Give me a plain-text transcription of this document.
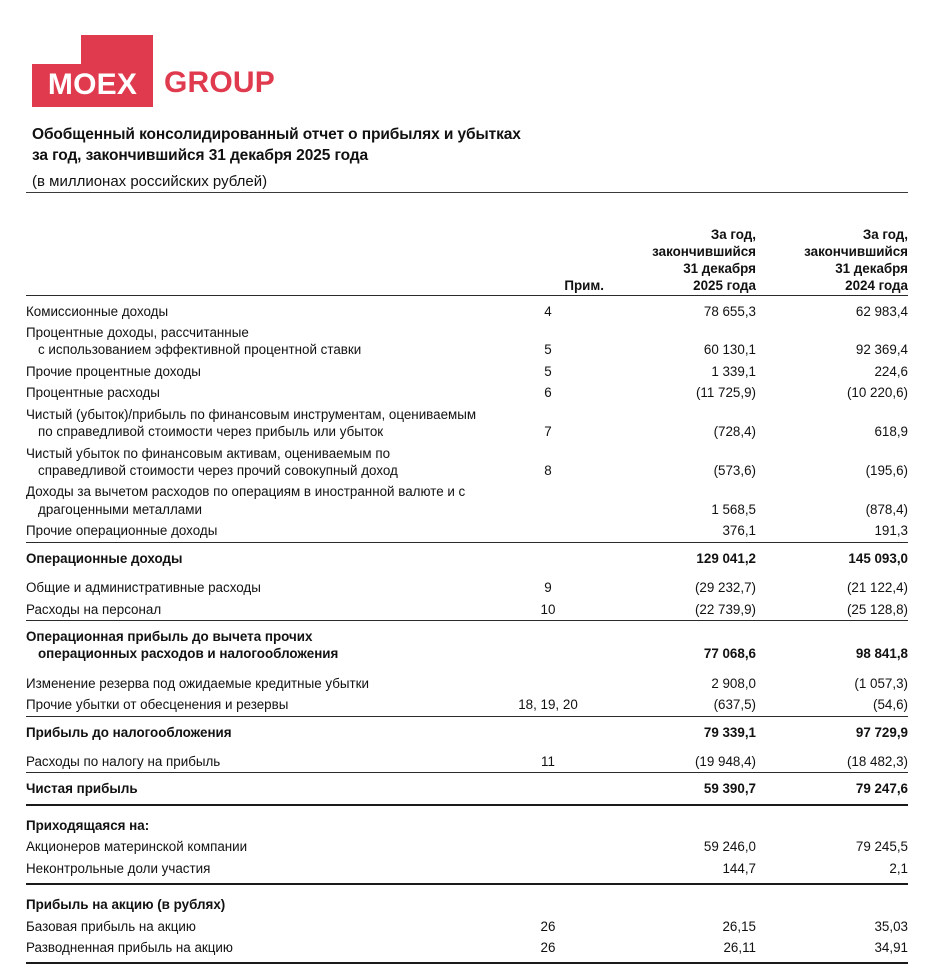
MOEX GROUP
Обобщенный консолидированный отчет о прибылях и убытках
за год, закончившийся 31 декабря 2025 года
(в миллионах российских рублей)
	Прим.	
За год,
закончившийся
31 декабря
2025 года

За год,
закончившийся
31 декабря
2024 года

Комиссионные доходы	4	78 655,3	62 983,4
Процентные доходы, рассчитанные
с использованием эффективной процентной ставки	5	60 130,1	92 369,4
Прочие процентные доходы	5	1 339,1	224,6
Процентные расходы	6	(11 725,9)	(10 220,6)
Чистый (убыток)/прибыль по финансовым инструментам, оцениваемым
по справедливой стоимости через прибыль или убыток	7	(728,4)	618,9
Чистый убыток по финансовым активам, оцениваемым по
справедливой стоимости через прочий совокупный доход	8	(573,6)	(195,6)
Доходы за вычетом расходов по операциям в иностранной валюте и с
драгоценными металлами		1 568,5	(878,4)
Прочие операционные доходы		376,1	191,3
Операционные доходы		129 041,2	145 093,0

Общие и административные расходы	9	(29 232,7)	(21 122,4)
Расходы на персонал	10	(22 739,9)	(25 128,8)
Операционная прибыль до вычета прочих
операционных расходов и налогообложения		77 068,6	98 841,8

Изменение резерва под ожидаемые кредитные убытки		2 908,0	(1 057,3)
Прочие убытки от обесценения и резервы	18, 19, 20	(637,5)	(54,6)
Прибыль до налогообложения		79 339,1	97 729,9

Расходы по налогу на прибыль	11	(19 948,4)	(18 482,3)
Чистая прибыль		59 390,7	79 247,6

Приходящаяся на:			
Акционеров материнской компании		59 246,0	79 245,5
Неконтрольные доли участия		144,7	2,1

Прибыль на акцию (в рублях)			
Базовая прибыль на акцию	26	26,15	35,03
Разводненная прибыль на акцию	26	26,11	34,91
